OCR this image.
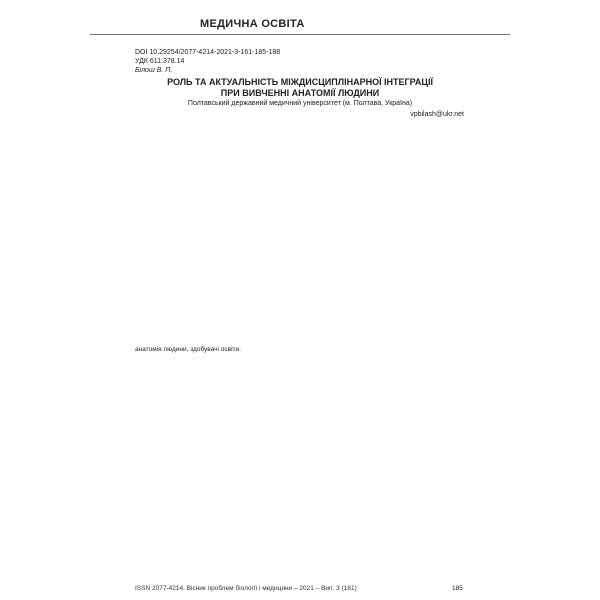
МЕДИЧНА ОСВІТА
DOI 10.29254/2077-4214-2021-3-161-185-188
УДК 611:378.14
Білош В. П.
РОЛЬ ТА АКТУАЛЬНІСТЬ МІЖДИСЦИПЛІНАРНОЇ ІНТЕГРАЦІЇ
ПРИ ВИВЧЕННІ АНАТОМІЇ ЛЮДИНИ
Полтавський державний медичний університет (м. Полтава, Україна)
vpbilash@ukr.net
анатомія людини, здобувачі освіти.
ISSN 2077-4214. Вісник проблем біології і медицини – 2021 – Вип. 3 (161)	185
